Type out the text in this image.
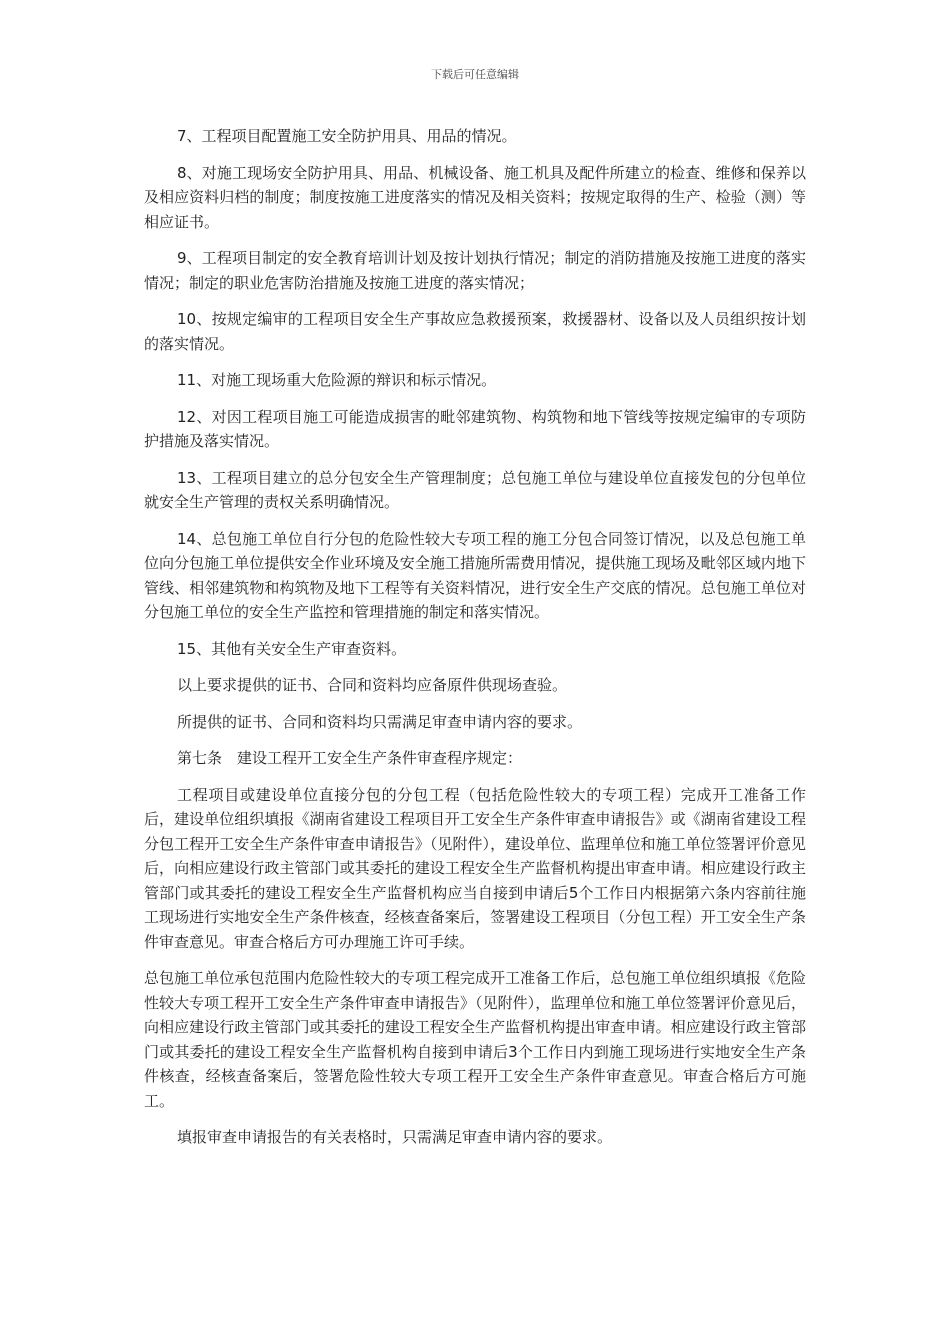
下载后可任意编辑

7、工程项目配置施工安全防护用具、用品的情况。

8、对施工现场安全防护用具、用品、机械设备、施工机具及配件所建立的检查、维修和保养以及相应资料归档的制度；制度按施工进度落实的情况及相关资料；按规定取得的生产、检验（测）等相应证书。

9、工程项目制定的安全教育培训计划及按计划执行情况；制定的消防措施及按施工进度的落实情况；制定的职业危害防治措施及按施工进度的落实情况；

10、按规定编审的工程项目安全生产事故应急救援预案，救援器材、设备以及人员组织按计划的落实情况。

11、对施工现场重大危险源的辩识和标示情况。

12、对因工程项目施工可能造成损害的毗邻建筑物、构筑物和地下管线等按规定编审的专项防护措施及落实情况。

13、工程项目建立的总分包安全生产管理制度；总包施工单位与建设单位直接发包的分包单位就安全生产管理的责权关系明确情况。

14、总包施工单位自行分包的危险性较大专项工程的施工分包合同签订情况，以及总包施工单位向分包施工单位提供安全作业环境及安全施工措施所需费用情况，提供施工现场及毗邻区域内地下管线、相邻建筑物和构筑物及地下工程等有关资料情况，进行安全生产交底的情况。总包施工单位对分包施工单位的安全生产监控和管理措施的制定和落实情况。

15、其他有关安全生产审查资料。

以上要求提供的证书、合同和资料均应备原件供现场查验。

所提供的证书、合同和资料均只需满足审查申请内容的要求。

第七条　建设工程开工安全生产条件审查程序规定：

工程项目或建设单位直接分包的分包工程（包括危险性较大的专项工程）完成开工准备工作后，建设单位组织填报《湖南省建设工程项目开工安全生产条件审查申请报告》或《湖南省建设工程分包工程开工安全生产条件审查申请报告》（见附件），建设单位、监理单位和施工单位签署评价意见后，向相应建设行政主管部门或其委托的建设工程安全生产监督机构提出审查申请。相应建设行政主管部门或其委托的建设工程安全生产监督机构应当自接到申请后5个工作日内根据第六条内容前往施工现场进行实地安全生产条件核查，经核查备案后，签署建设工程项目（分包工程）开工安全生产条件审查意见。审查合格后方可办理施工许可手续。

总包施工单位承包范围内危险性较大的专项工程完成开工准备工作后，总包施工单位组织填报《危险性较大专项工程开工安全生产条件审查申请报告》（见附件），监理单位和施工单位签署评价意见后，向相应建设行政主管部门或其委托的建设工程安全生产监督机构提出审查申请。相应建设行政主管部门或其委托的建设工程安全生产监督机构自接到申请后3个工作日内到施工现场进行实地安全生产条件核查，经核查备案后，签署危险性较大专项工程开工安全生产条件审查意见。审查合格后方可施工。

填报审查申请报告的有关表格时，只需满足审查申请内容的要求。
